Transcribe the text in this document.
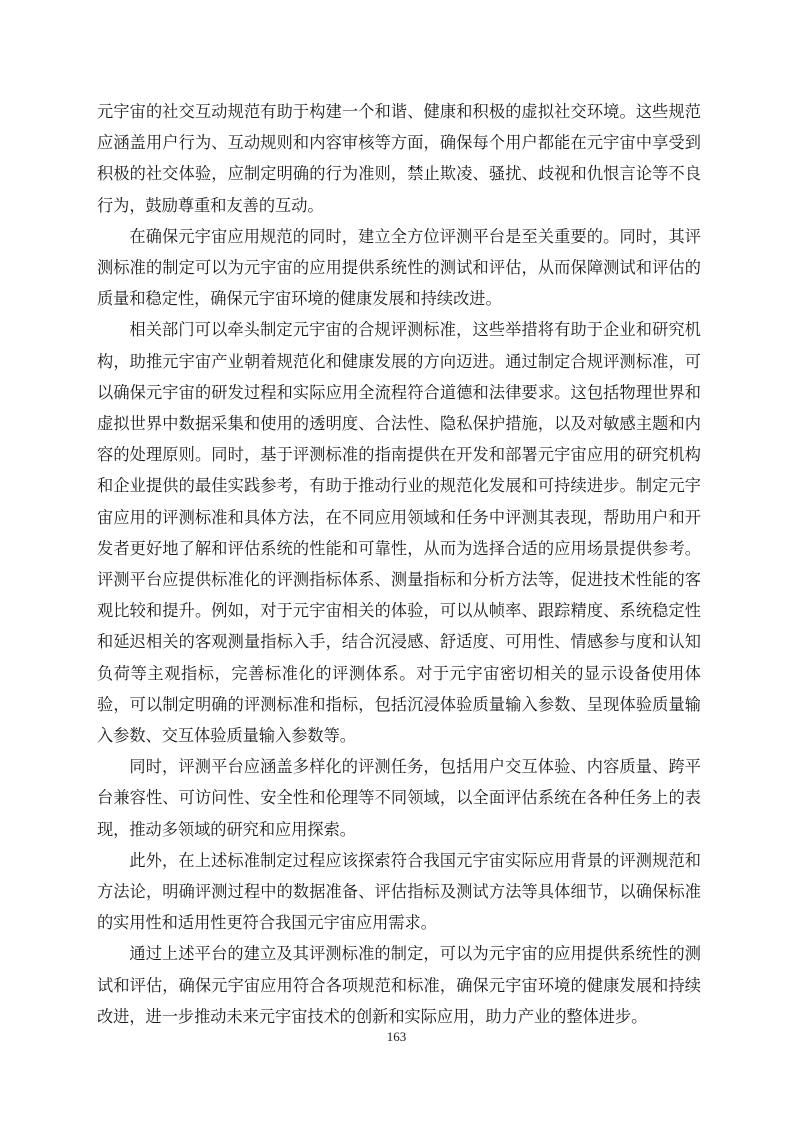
元宇宙的社交互动规范有助于构建一个和谐、健康和积极的虚拟社交环境。这些规范应涵盖用户行为、互动规则和内容审核等方面，确保每个用户都能在元宇宙中享受到积极的社交体验，应制定明确的行为准则，禁止欺凌、骚扰、歧视和仇恨言论等不良行为，鼓励尊重和友善的互动。

在确保元宇宙应用规范的同时，建立全方位评测平台是至关重要的。同时，其评测标准的制定可以为元宇宙的应用提供系统性的测试和评估，从而保障测试和评估的质量和稳定性，确保元宇宙环境的健康发展和持续改进。

相关部门可以牵头制定元宇宙的合规评测标准，这些举措将有助于企业和研究机构，助推元宇宙产业朝着规范化和健康发展的方向迈进。通过制定合规评测标准，可以确保元宇宙的研发过程和实际应用全流程符合道德和法律要求。这包括物理世界和虚拟世界中数据采集和使用的透明度、合法性、隐私保护措施，以及对敏感主题和内容的处理原则。同时，基于评测标准的指南提供在开发和部署元宇宙应用的研究机构和企业提供的最佳实践参考，有助于推动行业的规范化发展和可持续进步。制定元宇宙应用的评测标准和具体方法，在不同应用领域和任务中评测其表现，帮助用户和开发者更好地了解和评估系统的性能和可靠性，从而为选择合适的应用场景提供参考。评测平台应提供标准化的评测指标体系、测量指标和分析方法等，促进技术性能的客观比较和提升。例如，对于元宇宙相关的体验，可以从帧率、跟踪精度、系统稳定性和延迟相关的客观测量指标入手，结合沉浸感、舒适度、可用性、情感参与度和认知负荷等主观指标，完善标准化的评测体系。对于元宇宙密切相关的显示设备使用体验，可以制定明确的评测标准和指标，包括沉浸体验质量输入参数、呈现体验质量输入参数、交互体验质量输入参数等。

同时，评测平台应涵盖多样化的评测任务，包括用户交互体验、内容质量、跨平台兼容性、可访问性、安全性和伦理等不同领域，以全面评估系统在各种任务上的表现，推动多领域的研究和应用探索。

此外，在上述标准制定过程应该探索符合我国元宇宙实际应用背景的评测规范和方法论，明确评测过程中的数据准备、评估指标及测试方法等具体细节，以确保标准的实用性和适用性更符合我国元宇宙应用需求。

通过上述平台的建立及其评测标准的制定，可以为元宇宙的应用提供系统性的测试和评估，确保元宇宙应用符合各项规范和标准，确保元宇宙环境的健康发展和持续改进，进一步推动未来元宇宙技术的创新和实际应用，助力产业的整体进步。

163
